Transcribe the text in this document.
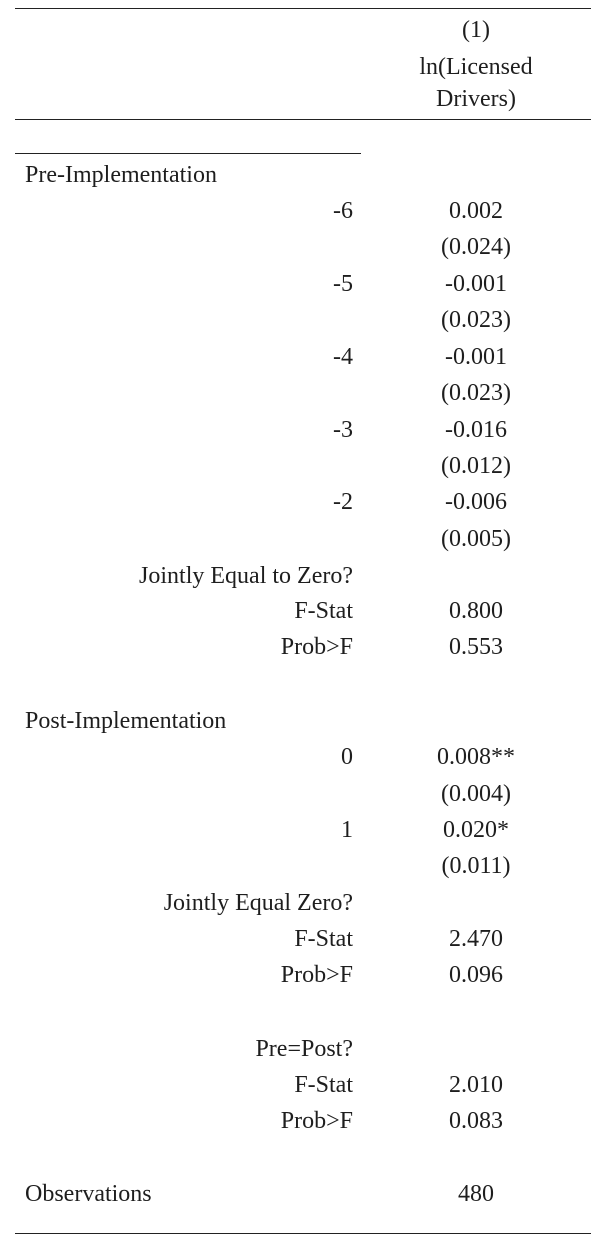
(1)
ln(Licensed
Drivers)
Pre-Implementation
-6	0.002
(0.024)
-5	-0.001
(0.023)
-4	-0.001
(0.023)
-3	-0.016
(0.012)
-2	-0.006
(0.005)
Jointly Equal to Zero?
F-Stat	0.800
Prob>F	0.553
Post-Implementation
0	0.008**
(0.004)
1	0.020*
(0.011)
Jointly Equal Zero?
F-Stat	2.470
Prob>F	0.096
Pre=Post?
F-Stat	2.010
Prob>F	0.083
Observations	480
